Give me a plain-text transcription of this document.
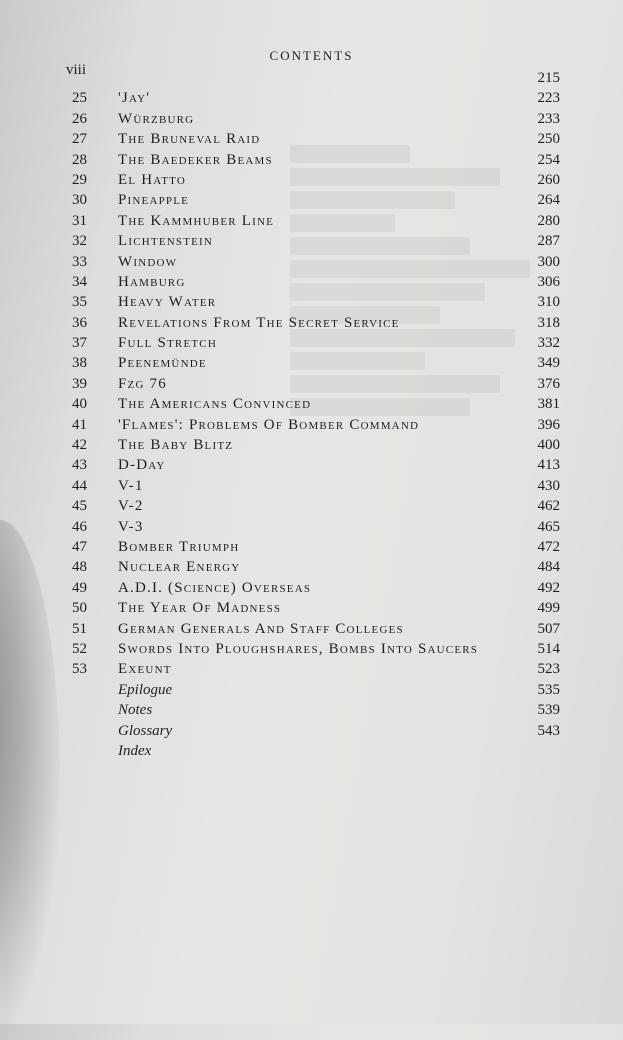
CONTENTS
viii	215
25	'Jay'	223
26	Würzburg	233
27	The Bruneval Raid	250
28	The Baedeker Beams	254
29	El Hatto	260
30	Pineapple	264
31	The Kammhuber Line	280
32	Lichtenstein	287
33	Window	300
34	Hamburg	306
35	Heavy Water	310
36	Revelations From The Secret Service	318
37	Full Stretch	332
38	Peenemünde	349
39	Fzg 76	376
40	The Americans Convinced	381
41	'Flames': Problems Of Bomber Command	396
42	The Baby Blitz	400
43	D-Day	413
44	V-1	430
45	V-2	462
46	V-3	465
47	Bomber Triumph	472
48	Nuclear Energy	484
49	A.D.I. (Science) Overseas	492
50	The Year Of Madness	499
51	German Generals And Staff Colleges	507
52	Swords Into Ploughshares, Bombs Into Saucers	514
53	Exeunt	523
Epilogue	535
Notes	539
Glossary	543
Index
